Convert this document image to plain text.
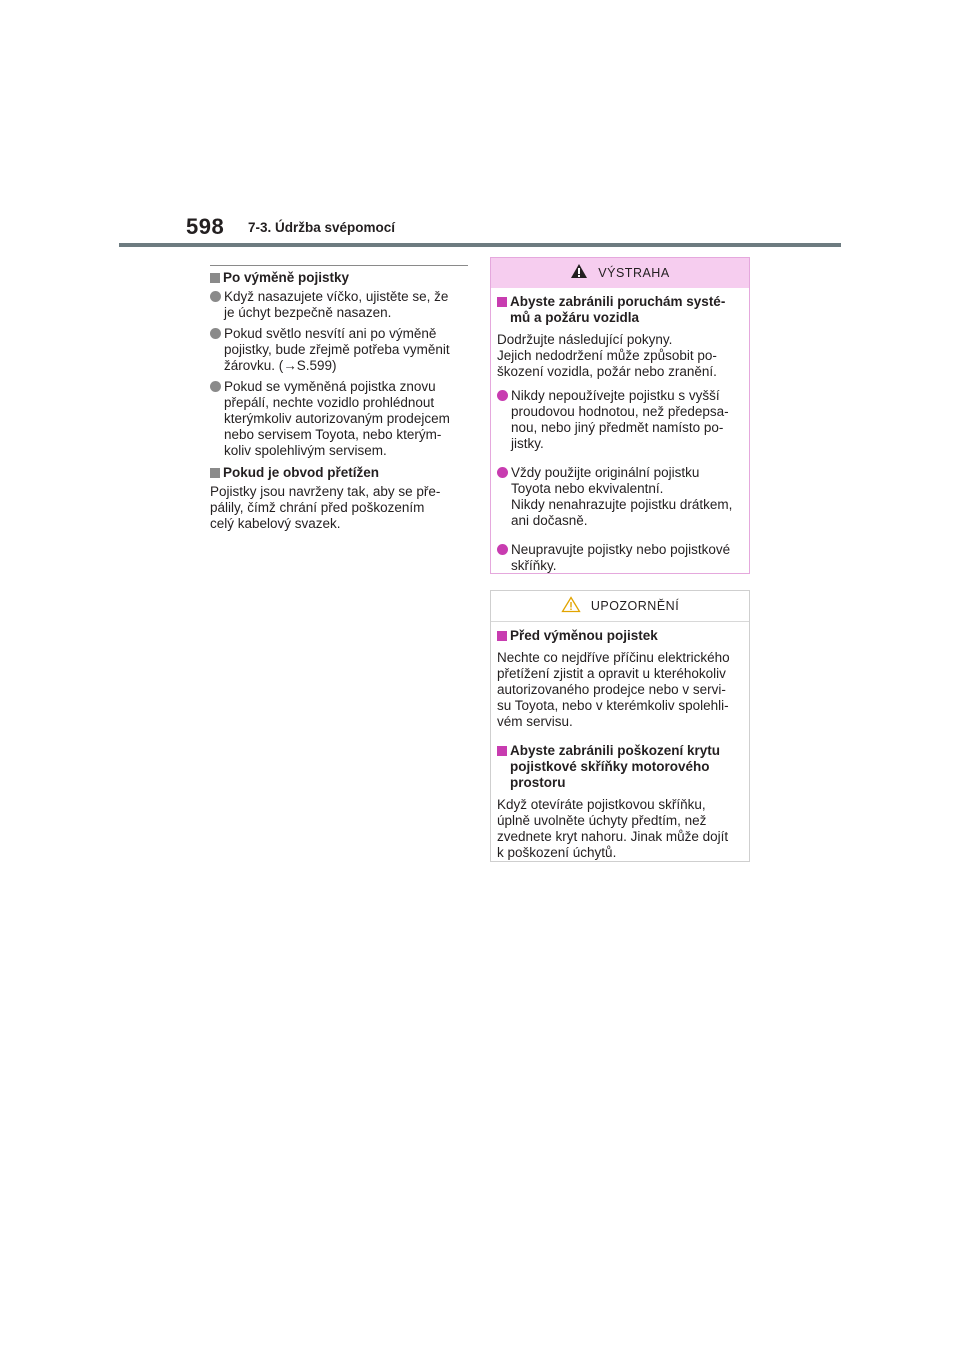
598 7-3. Údržba svépomocí
Po výměně pojistky
Když nasazujete víčko, ujistěte se, že
je úchyt bezpečně nasazen.
Pokud světlo nesvítí ani po výměně
pojistky, bude zřejmě potřeba vyměnit
žárovku. (→S.599)
Pokud se vyměněná pojistka znovu
přepálí, nechte vozidlo prohlédnout
kterýmkoliv autorizovaným prodejcem
nebo servisem Toyota, nebo kterým-
koliv spolehlivým servisem.
Pokud je obvod přetížen
Pojistky jsou navrženy tak, aby se pře-
pálily, čímž chrání před poškozením
celý kabelový svazek.
VÝSTRAHA
Abyste zabránili poruchám systé-
mů a požáru vozidla
Dodržujte následující pokyny.
Jejich nedodržení může způsobit po-
škození vozidla, požár nebo zranění.
Nikdy nepoužívejte pojistku s vyšší
proudovou hodnotou, než předepsa-
nou, nebo jiný předmět namísto po-
jistky.
Vždy použijte originální pojistku
Toyota nebo ekvivalentní.
Nikdy nenahrazujte pojistku drátkem,
ani dočasně.
Neupravujte pojistky nebo pojistkové
skříňky.
UPOZORNĚNÍ
Před výměnou pojistek
Nechte co nejdříve příčinu elektrického
přetížení zjistit a opravit u kteréhokoliv
autorizovaného prodejce nebo v servi-
su Toyota, nebo v kterémkoliv spolehli-
vém servisu.
Abyste zabránili poškození krytu
pojistkové skříňky motorového
prostoru
Když otevíráte pojistkovou skříňku,
úplně uvolněte úchyty předtím, než
zvednete kryt nahoru. Jinak může dojít
k poškození úchytů.
